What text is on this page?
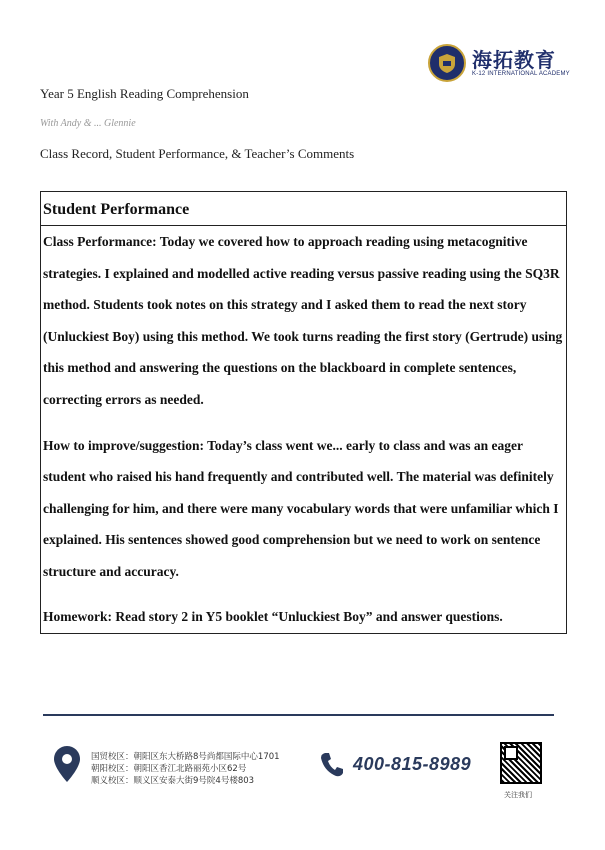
海拓教育
K-12 INTERNATIONAL ACADEMY
Year 5 English Reading Comprehension
With Andy & ... Glennie
Class Record, Student Performance, & Teacher’s Comments
Student Performance

Class Performance: Today we covered how to approach reading using metacognitive strategies. I explained and modelled active reading versus passive reading using the SQ3R method. Students took notes on this strategy and I asked them to read the next story (Unluckiest Boy) using this method. We took turns reading the first story (Gertrude) using this method and answering the questions on the blackboard in complete sentences, correcting errors as needed.

How to improve/suggestion: Today’s class went we... early to class and was an eager student who raised his hand frequently and contributed well. The material was definitely challenging for him, and there were many vocabulary words that were unfamiliar which I explained. His sentences showed good comprehension but we need to work on sentence structure and accuracy.

Homework: Read story 2 in Y5 booklet “Unluckiest Boy” and answer questions.

国贸校区：朝阳区东大桥路8号尚都国际中心1701
朝阳校区：朝阳区香江北路丽苑小区62号
顺义校区：顺义区安泰大街9号院4号楼803
400-815-8989
关注我们
